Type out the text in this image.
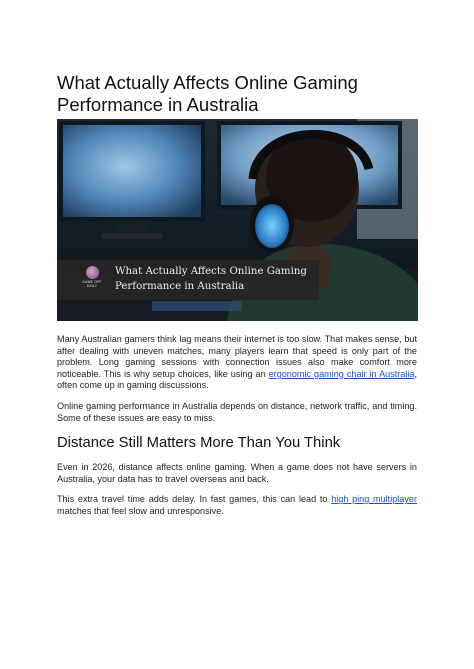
What Actually Affects Online Gaming Performance in Australia
GAME OFF DAILY
What Actually Affects Online Gaming Performance in Australia

Many Australian gamers think lag means their internet is too slow. That makes sense, but after dealing with uneven matches, many players learn that speed is only part of the problem. Long gaming sessions with connection issues also make comfort more noticeable. This is why setup choices, like using an ergonomic gaming chair in Australia, often come up in gaming discussions.

Online gaming performance in Australia depends on distance, network traffic, and timing. Some of these issues are easy to miss.

Distance Still Matters More Than You Think

Even in 2026, distance affects online gaming. When a game does not have servers in Australia, your data has to travel overseas and back.

This extra travel time adds delay. In fast games, this can lead to high ping multiplayer matches that feel slow and unresponsive.
